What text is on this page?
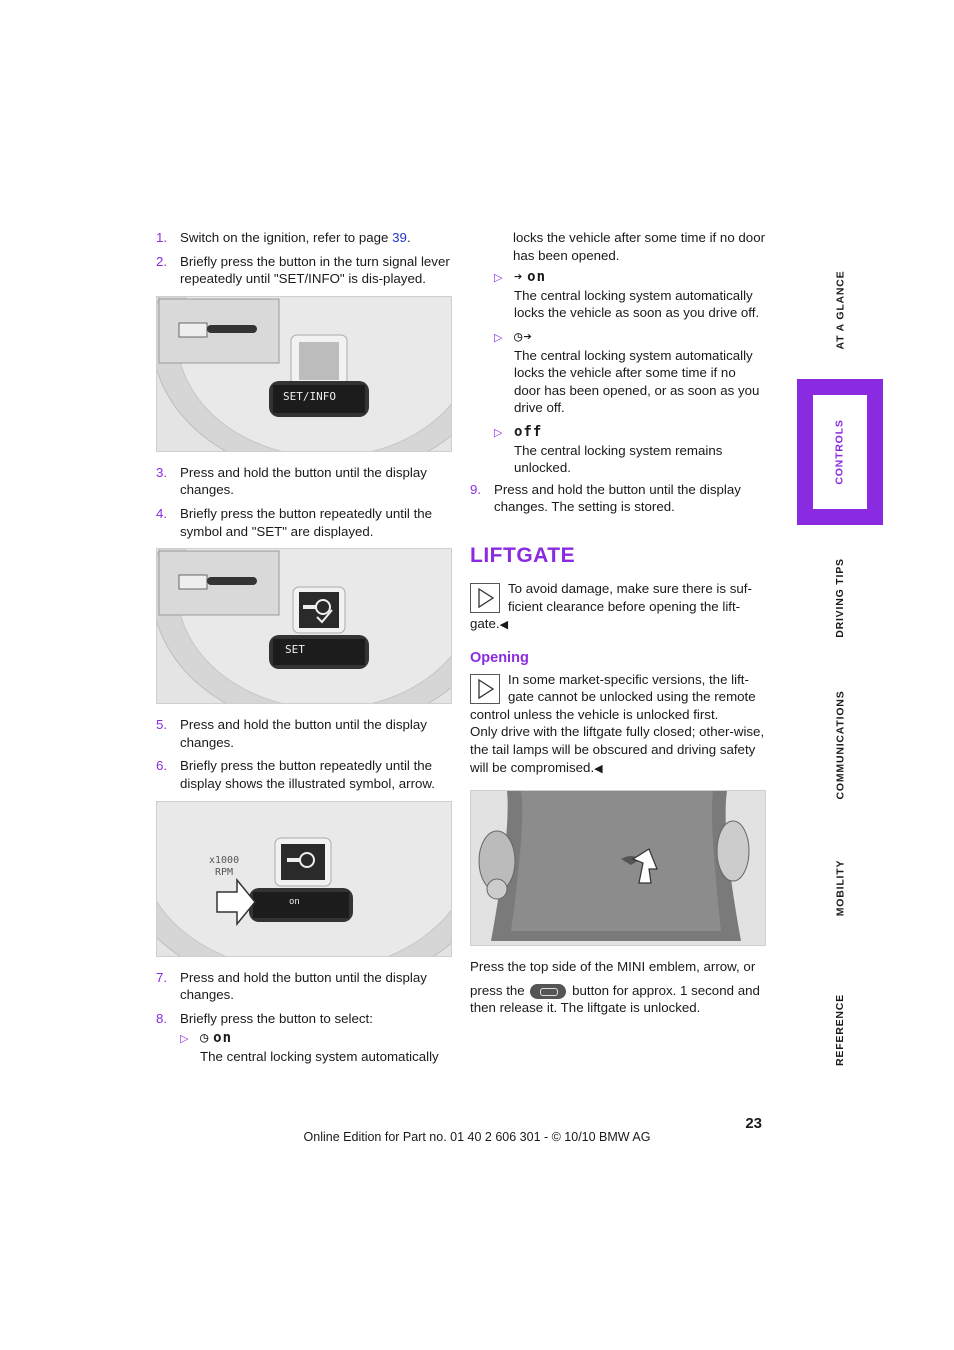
1. Switch on the ignition, refer to page 39.
2. Briefly press the button in the turn signal lever repeatedly until "SET/INFO" is dis-played.
SET/INFO
3. Press and hold the button until the display changes.
4. Briefly press the button repeatedly until the symbol and "SET" are displayed.
SET
5. Press and hold the button until the display changes.
6. Briefly press the button repeatedly until the display shows the illustrated symbol, arrow.
x1000
RPM
on
7. Press and hold the button until the display changes.
8. Briefly press the button to select:
▷ ◷ on
The central locking system automatically
locks the vehicle after some time if no door has been opened.
▷ ➔ on
The central locking system automatically locks the vehicle as soon as you drive off.
▷ ◷➔
The central locking system automatically locks the vehicle after some time if no door has been opened, or as soon as you drive off.
▷ off
The central locking system remains unlocked.
9. Press and hold the button until the display changes. The setting is stored.
LIFTGATE
To avoid damage, make sure there is suf-ficient clearance before opening the lift-gate.◀
Opening
In some market-specific versions, the lift-gate cannot be unlocked using the remote control unless the vehicle is unlocked first.
Only drive with the liftgate fully closed; other-wise, the tail lamps will be obscured and driving safety will be compromised.◀

Press the top side of the MINI emblem, arrow, or

press the	button for approx. 1 second and then release it. The liftgate is unlocked.

AT A GLANCE
CONTROLS
DRIVING TIPS
COMMUNICATIONS
MOBILITY
REFERENCE
23
Online Edition for Part no. 01 40 2 606 301 - © 10/10 BMW AG
